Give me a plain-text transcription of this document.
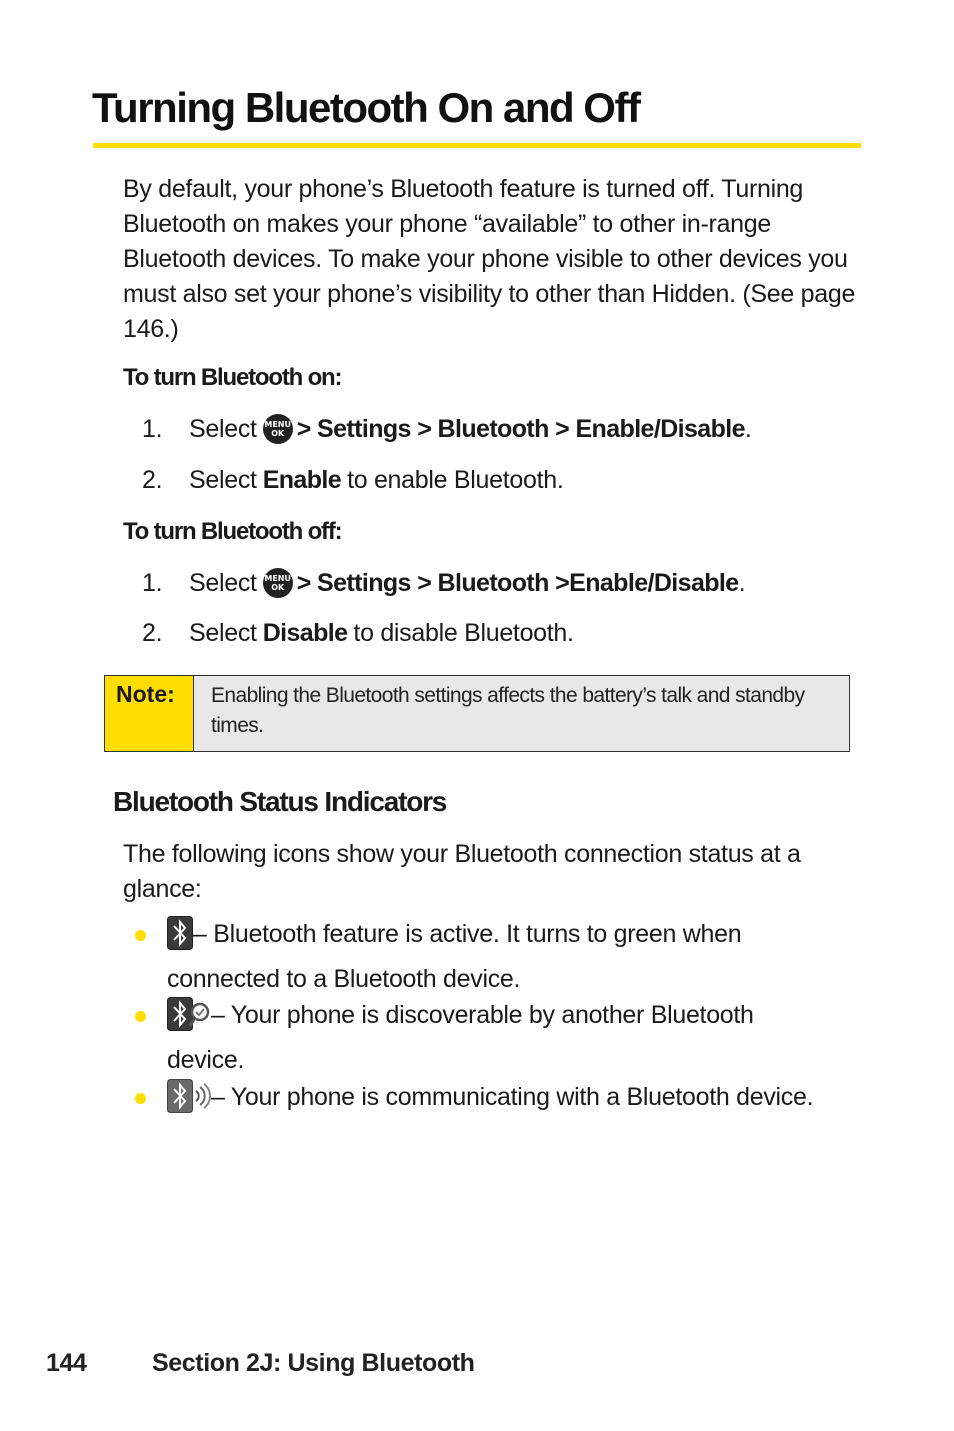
Turning Bluetooth On and Off

By default, your phone’s Bluetooth feature is turned off. Turning Bluetooth on makes your phone “available” to other in-range Bluetooth devices. To make your phone visible to other devices you must also set your phone’s visibility to other than Hidden. (See page 146.)

To turn Bluetooth on:
1.	Select MENU
OK > Settings > Bluetooth > Enable/Disable .
2.	Select Enable to enable Bluetooth.
To turn Bluetooth off:
1.	Select MENU
OK > Settings > Bluetooth >Enable/Disable .
2.	Select Disable to disable Bluetooth.
Note:	Enabling the Bluetooth settings affects the battery’s talk and standby times.
Bluetooth Status Indicators

The following icons show your Bluetooth connection status at a glance:

– Bluetooth feature is active. It turns to green when connected to a Bluetooth device.
– Your phone is discoverable by another Bluetooth device.
– Your phone is communicating with a Bluetooth device.
144	Section 2J: Using Bluetooth
